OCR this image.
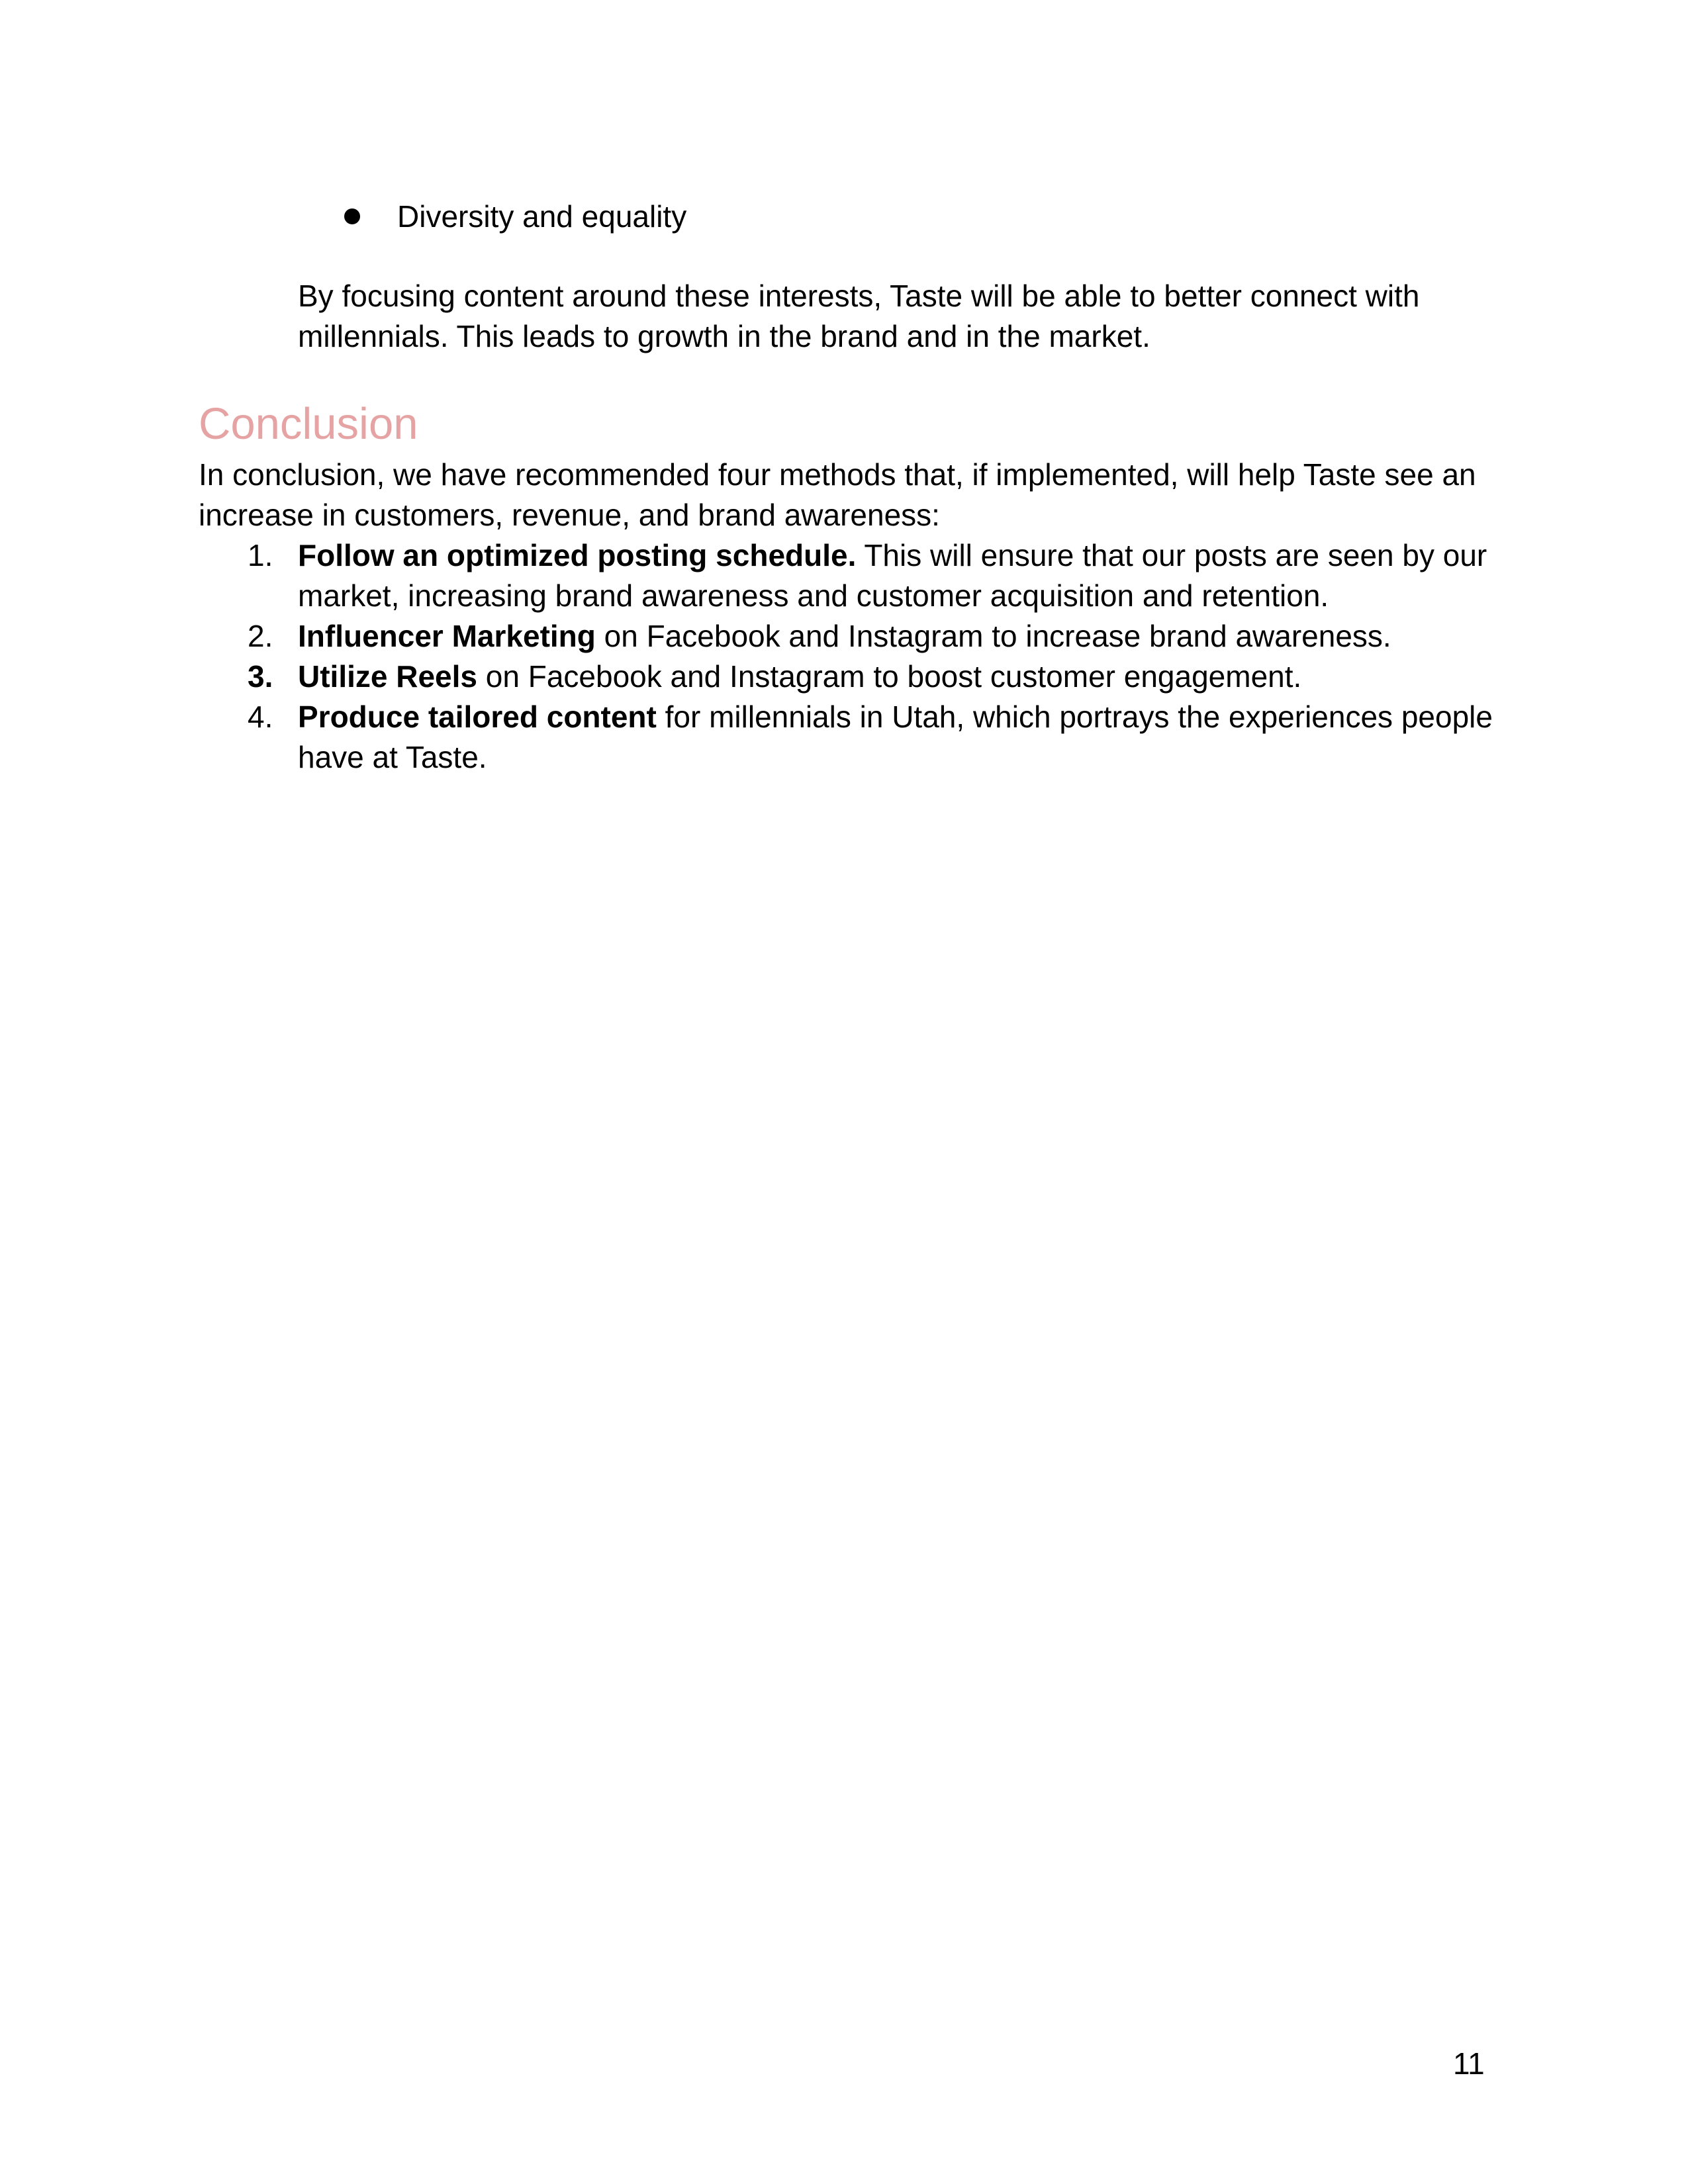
Diversity and equality

By focusing content around these interests, Taste will be able to better connect with millennials. This leads to growth in the brand and in the market.

Conclusion

In conclusion, we have recommended four methods that, if implemented, will help Taste see an increase in customers, revenue, and brand awareness:

1. Follow an optimized posting schedule. This will ensure that our posts are seen by our market, increasing brand awareness and customer acquisition and retention.
2. Influencer Marketing on Facebook and Instagram to increase brand awareness.
3. Utilize Reels on Facebook and Instagram to boost customer engagement.
4. Produce tailored content for millennials in Utah, which portrays the experiences people have at Taste.
11
